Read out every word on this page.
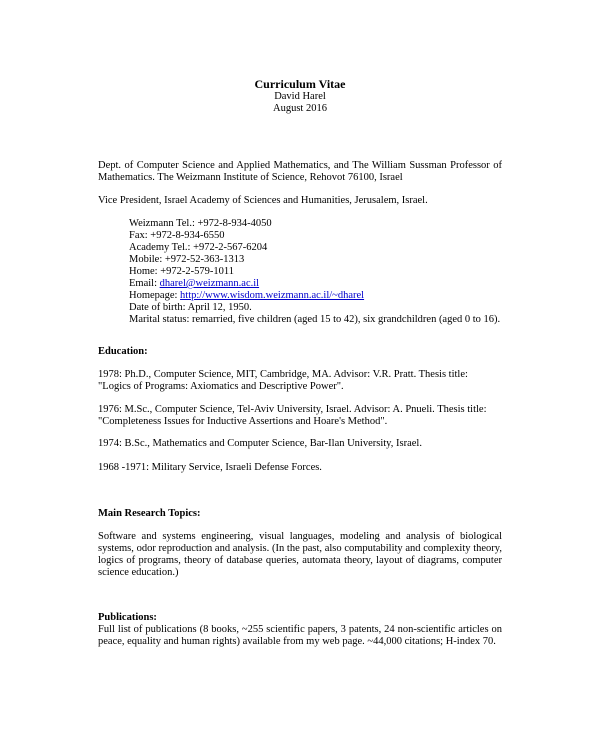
Curriculum Vitae
David Harel
August 2016
Dept. of Computer Science and Applied Mathematics, and The William Sussman Professor of Mathematics. The Weizmann Institute of Science, Rehovot 76100, Israel
Vice President, Israel Academy of Sciences and Humanities, Jerusalem, Israel.
Weizmann Tel.: +972-8-934-4050
Fax: +972-8-934-6550
Academy Tel.: +972-2-567-6204
Mobile: +972-52-363-1313
Home: +972-2-579-1011
Email: dharel@weizmann.ac.il
Homepage: http://www.wisdom.weizmann.ac.il/~dharel
Date of birth: April 12, 1950.
Marital status: remarried, five children (aged 15 to 42), six grandchildren (aged 0 to 16).
Education:
1978: Ph.D., Computer Science, MIT, Cambridge, MA. Advisor: V.R. Pratt. Thesis title: "Logics of Programs: Axiomatics and Descriptive Power".
1976: M.Sc., Computer Science, Tel-Aviv University, Israel. Advisor: A. Pnueli. Thesis title: "Completeness Issues for Inductive Assertions and Hoare's Method".
1974: B.Sc., Mathematics and Computer Science, Bar-Ilan University, Israel.
1968 -1971: Military Service, Israeli Defense Forces.
Main Research Topics:
Software and systems engineering, visual languages, modeling and analysis of biological systems, odor reproduction and analysis. (In the past, also computability and complexity theory, logics of programs, theory of database queries, automata theory, layout of diagrams, computer science education.)
Publications:
Full list of publications (8 books, ~255 scientific papers, 3 patents, 24 non-scientific articles on peace, equality and human rights) available from my web page. ~44,000 citations; H-index 70.
